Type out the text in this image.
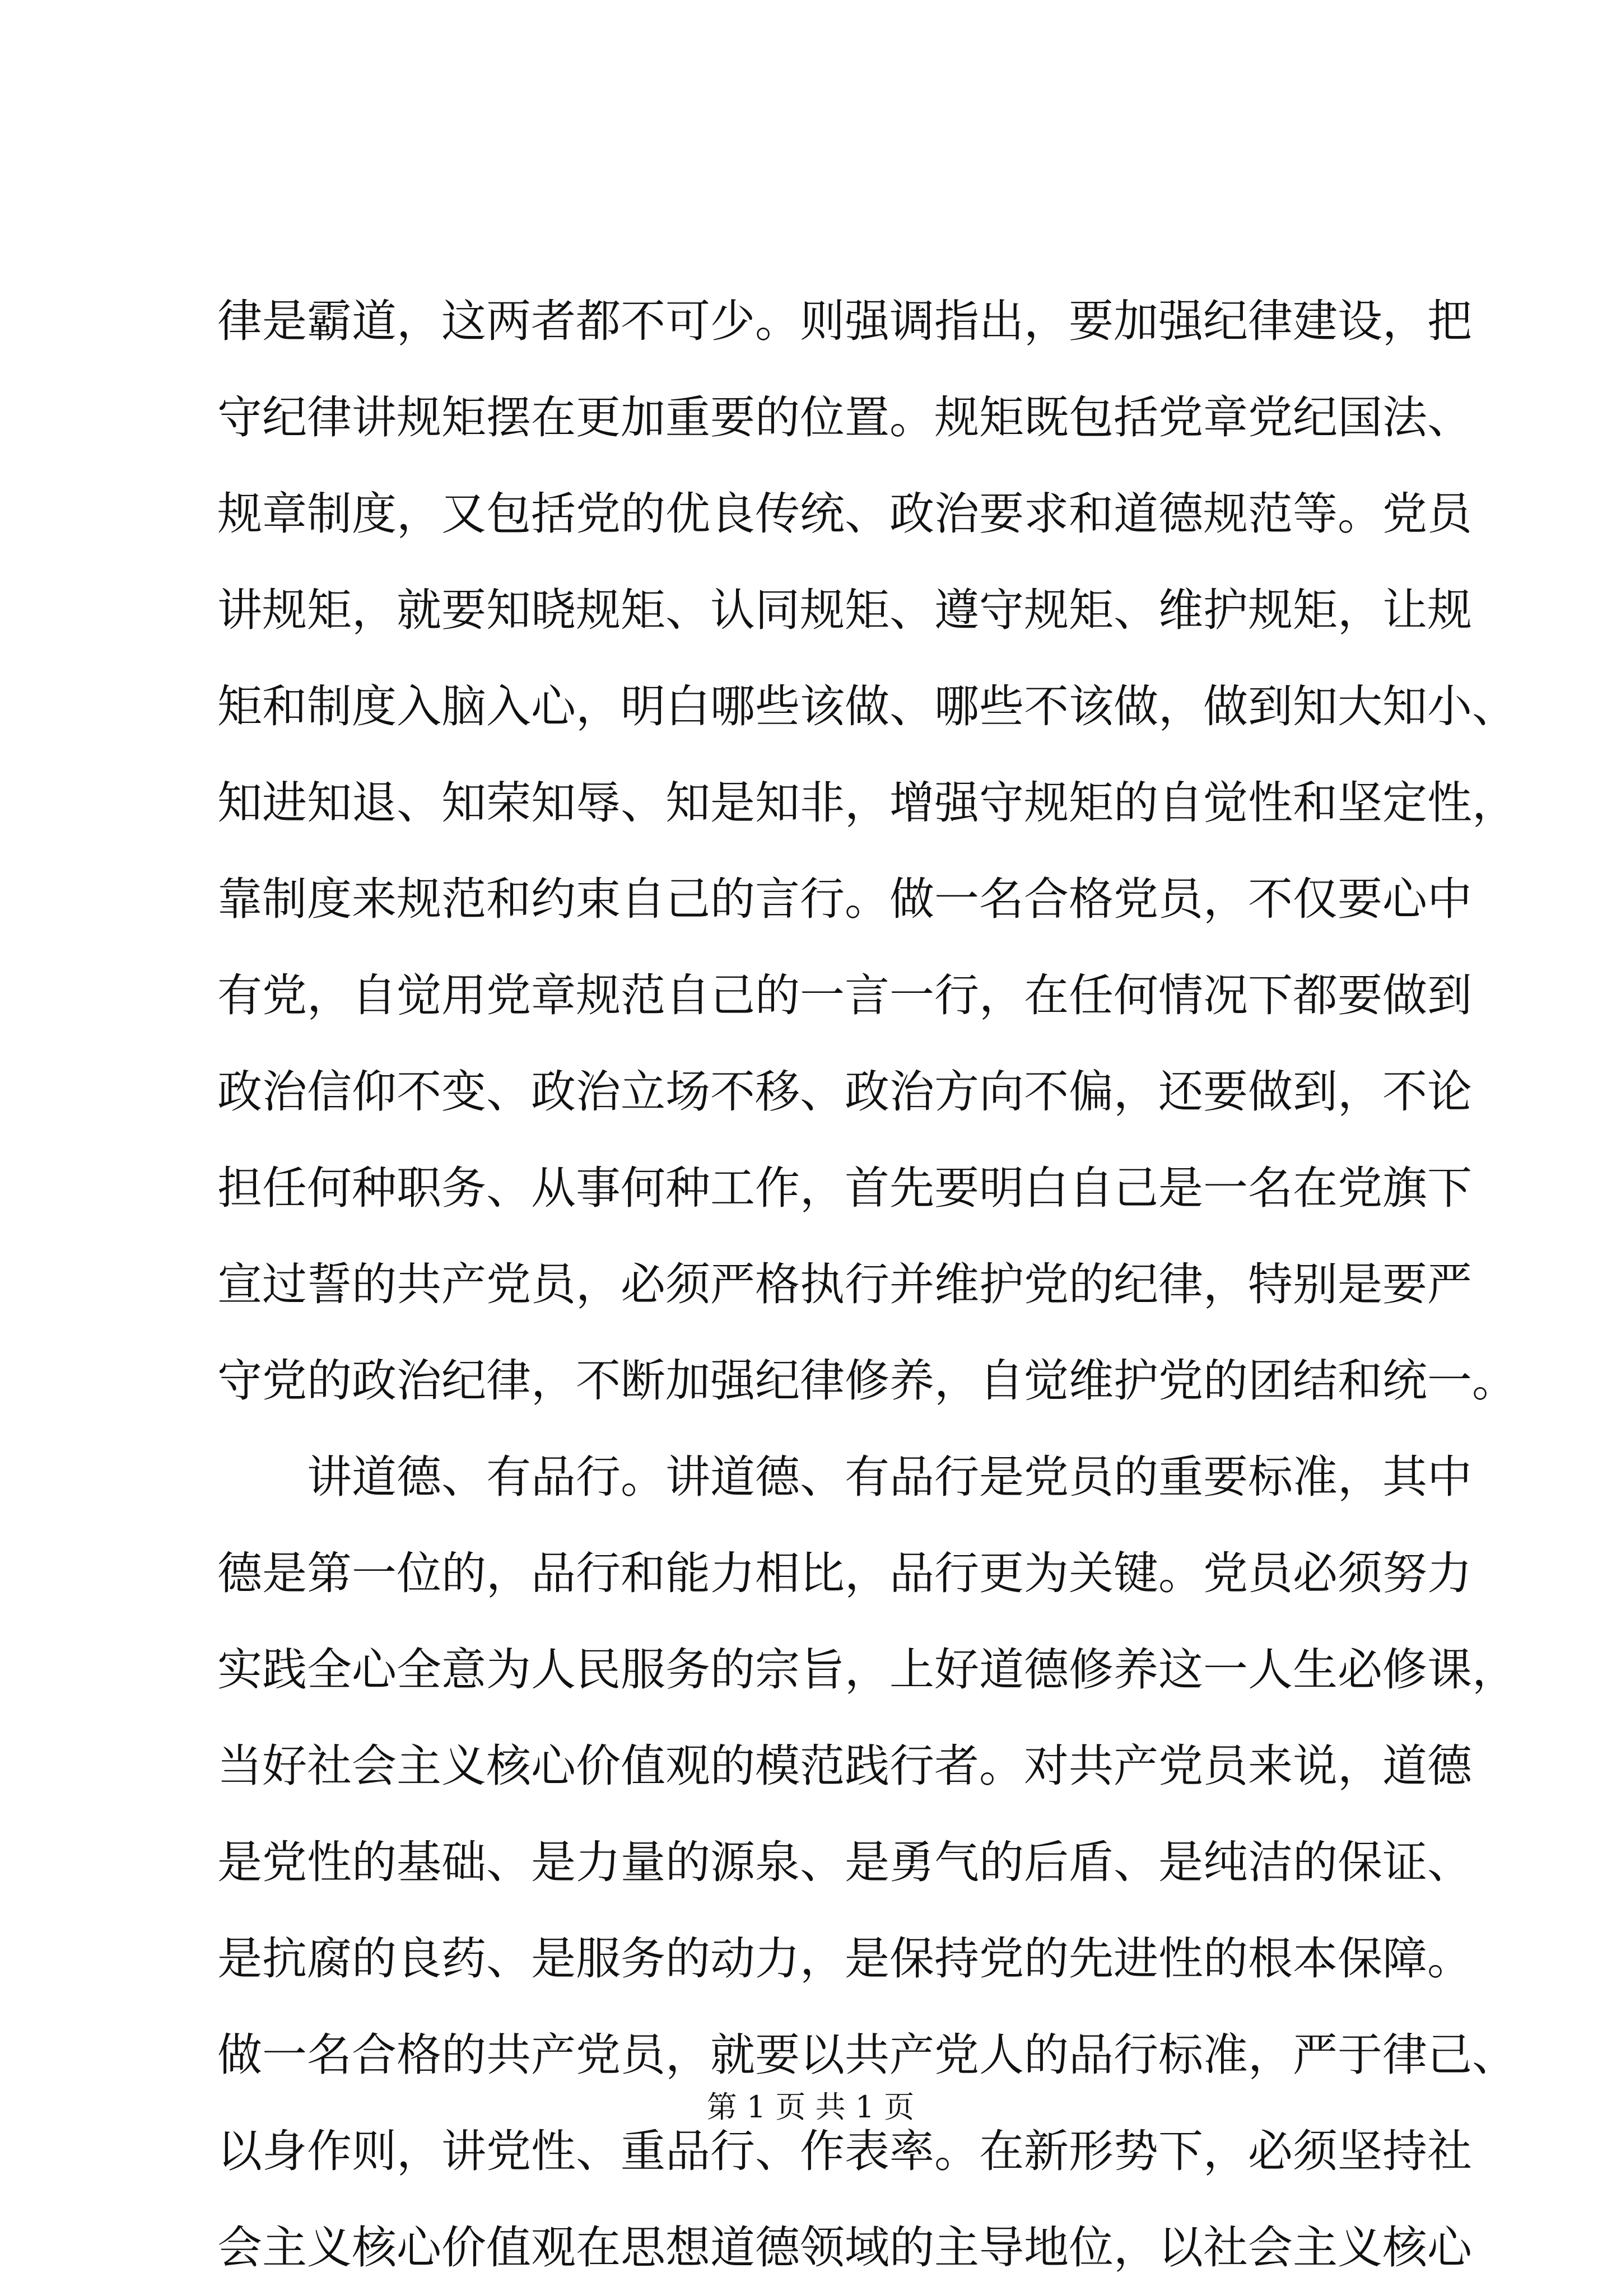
律是霸道，这两者都不可少。则强调指出，要加强纪律建设，把
守纪律讲规矩摆在更加重要的位置。规矩既包括党章党纪国法、
规章制度，又包括党的优良传统、政治要求和道德规范等。党员
讲规矩，就要知晓规矩、认同规矩、遵守规矩、维护规矩，让规
矩和制度入脑入心，明白哪些该做、哪些不该做，做到知大知小、
知进知退、知荣知辱、知是知非，增强守规矩的自觉性和坚定性，
靠制度来规范和约束自己的言行。做一名合格党员，不仅要心中
有党，自觉用党章规范自己的一言一行，在任何情况下都要做到
政治信仰不变、政治立场不移、政治方向不偏，还要做到，不论
担任何种职务、从事何种工作，首先要明白自己是一名在党旗下
宣过誓的共产党员，必须严格执行并维护党的纪律，特别是要严
守党的政治纪律，不断加强纪律修养，自觉维护党的团结和统一。
讲道德、有品行。讲道德、有品行是党员的重要标准，其中
德是第一位的，品行和能力相比，品行更为关键。党员必须努力
实践全心全意为人民服务的宗旨，上好道德修养这一人生必修课，
当好社会主义核心价值观的模范践行者。对共产党员来说，道德
是党性的基础、是力量的源泉、是勇气的后盾、是纯洁的保证、
是抗腐的良药、是服务的动力，是保持党的先进性的根本保障。
做一名合格的共产党员，就要以共产党人的品行标准，严于律己、
以身作则，讲党性、重品行、作表率。在新形势下，必须坚持社
会主义核心价值观在思想道德领域的主导地位，以社会主义核心
第 1 页 共 1 页
